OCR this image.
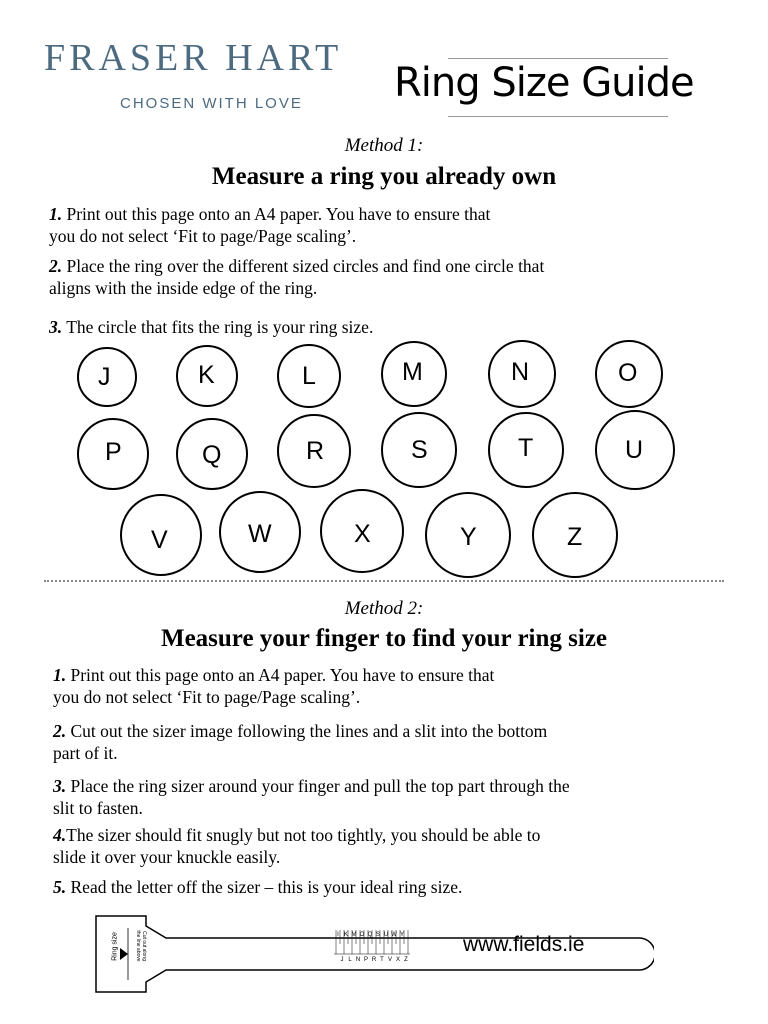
FRASER HART
CHOSEN WITH LOVE Ring Size Guide
Method 1:
Measure a ring you already own

1. Print out this page onto an A4 paper. You have to ensure that
you do not select ‘Fit to page/Page scaling’.

2. Place the ring over the different sized circles and find one circle that
aligns with the inside edge of the ring.

3. The circle that fits the ring is your ring size.

J	K	L	M	N	O
P	Q	R	S	T	U
V	W	X	Y	Z
Method 2:
Measure your finger to find your ring size

1. Print out this page onto an A4 paper. You have to ensure that
you do not select ‘Fit to page/Page scaling’.

2. Cut out the sizer image following the lines and a slit into the bottom
part of it.

3. Place the ring sizer around your finger and pull the top part through the
slit to fasten.

4.The sizer should fit snugly but not too tightly, you should be able to
slide it over your knuckle easily.

5. Read the letter off the sizer – this is your ideal ring size.

I
J
K
L
M
N
O
P
Q
R
S
T
U
V
W
X
Y
Z
Ring size	Cut out along
the line above	www.fields.ie
